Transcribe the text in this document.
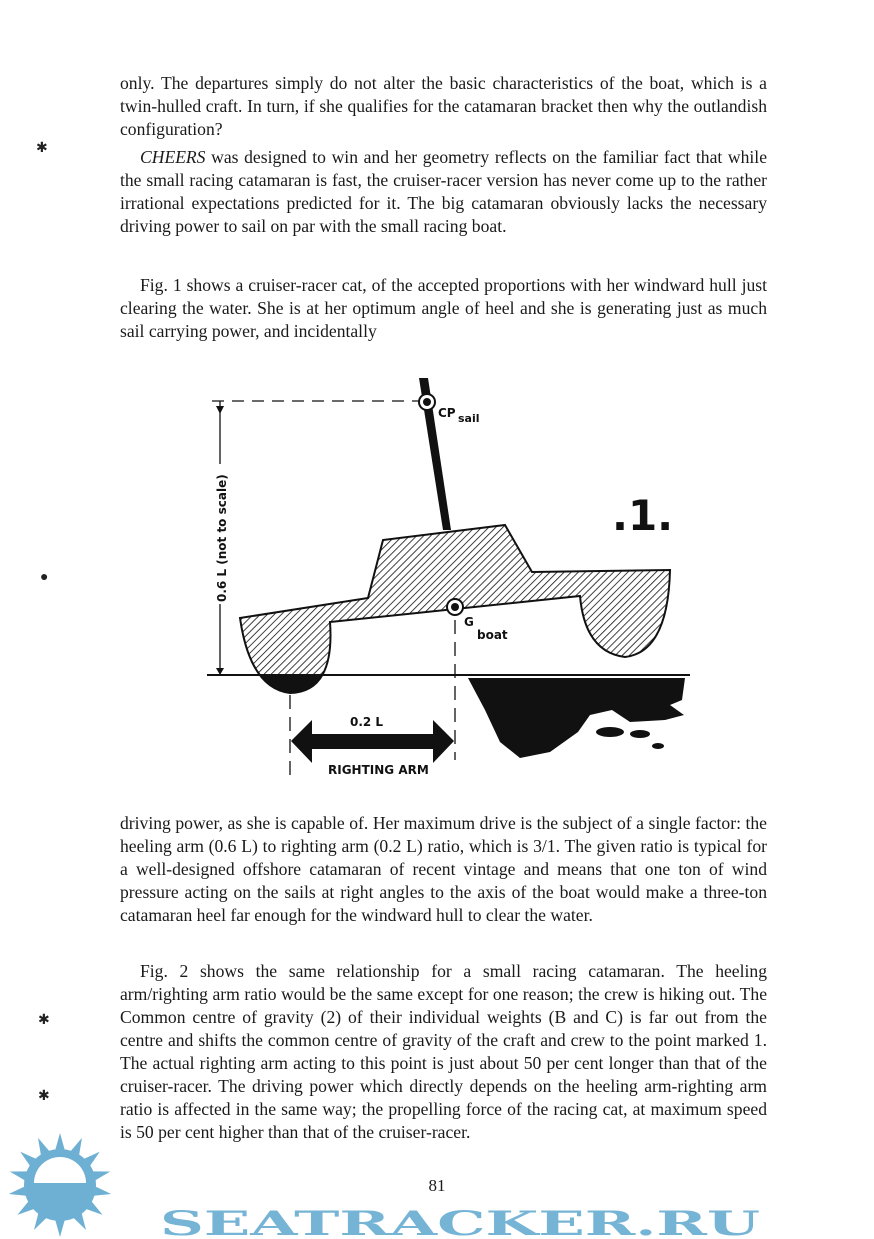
only. The departures simply do not alter the basic characteristics of the boat, which is a twin-hulled craft. In turn, if she qualifies for the catamaran bracket then why the outlandish configuration?

CHEERS was designed to win and her geometry reflects on the familiar fact that while the small racing catamaran is fast, the cruiser-racer version has never come up to the rather irrational expectations predicted for it. The big catamaran obviously lacks the necessary driving power to sail on par with the small racing boat.

Fig. 1 shows a cruiser-racer cat, of the accepted proportions with her windward hull just clearing the water. She is at her optimum angle of heel and she is generating just as much sail carrying power, and incidentally

0.6 L (not to scale)
CP sail
G
boat
0.2 L
RIGHTING ARM
.1.

driving power, as she is capable of. Her maximum drive is the subject of a single factor: the heeling arm (0.6 L) to righting arm (0.2 L) ratio, which is 3/1. The given ratio is typical for a well-designed offshore catamaran of recent vintage and means that one ton of wind pressure acting on the sails at right angles to the axis of the boat would make a three-ton catamaran heel far enough for the windward hull to clear the water.

Fig. 2 shows the same relationship for a small racing catamaran. The heeling arm/righting arm ratio would be the same except for one reason; the crew is hiking out. The Common centre of gravity (2) of their individual weights (B and C) is far out from the centre and shifts the common centre of gravity of the craft and crew to the point marked 1. The actual righting arm acting to this point is just about 50 per cent longer than that of the cruiser-racer. The driving power which directly depends on the heeling arm-righting arm ratio is affected in the same way; the propelling force of the racing cat, at maximum speed is 50 per cent higher than that of the cruiser-racer.

81
✱
●
✱
✱
SEATRACKER.RU
